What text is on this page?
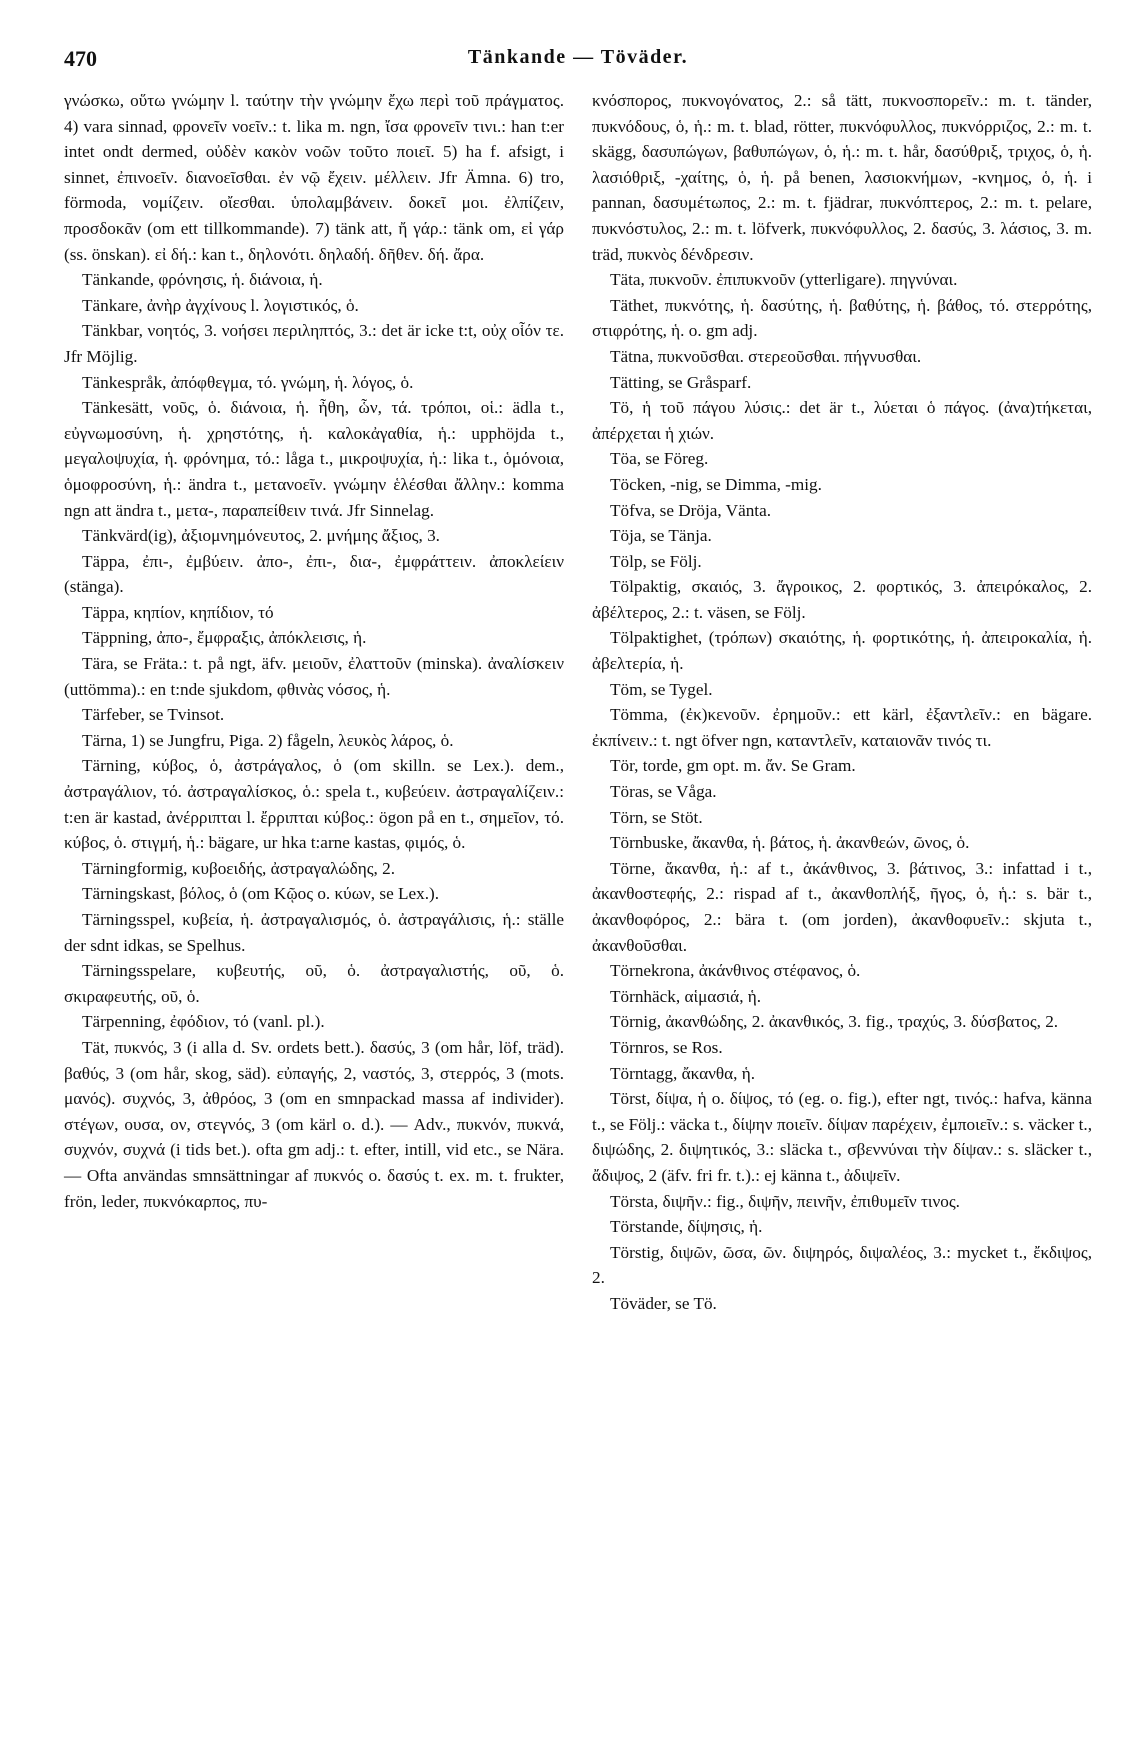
470	Tänkande — Töväder.

γνώσκω, οὕτω γνώμην l. ταύτην τὴν γνώμην ἔχω περὶ τοῦ πράγματος. 4) vara sinnad, φρονεῖν νοεῖν.: t. lika m. ngn, ἴσα φρονεῖν τινι.: han t:er intet ondt dermed, οὐδὲν κακὸν νοῶν τοῦτο ποιεῖ. 5) ha f. afsigt, i sinnet, ἐπινοεῖν. διανοεῖσθαι. ἐν νῷ ἔχειν. μέλλειν. Jfr Ämna. 6) tro, förmoda, νομίζειν. οἴεσθαι. ὑπολαμβάνειν. δοκεῖ μοι. ἐλπίζειν, προσδοκᾶν (om ett tillkommande). 7) tänk att, ἤ γάρ.: tänk om, εἰ γάρ (ss. önskan). εἰ δή.: kan t., δηλονότι. δηλαδή. δῆθεν. δή. ἄρα.

Tänkande, φρόνησις, ἡ. διάνοια, ἡ.

Tänkare, ἀνὴρ ἀγχίνους l. λογιστικός, ὁ.

Tänkbar, νοητός, 3. νοήσει περιληπτός, 3.: det är icke t:t, οὐχ οἷόν τε. Jfr Möjlig.

Tänkespråk, ἀπόφθεγμα, τό. γνώμη, ἡ. λόγος, ὁ.

Tänkesätt, νοῦς, ὁ. διάνοια, ἡ. ἦθη, ὧν, τά. τρόποι, οἱ.: ädla t., εὐγνωμοσύνη, ἡ. χρηστότης, ἡ. καλοκἀγαθία, ἡ.: upphöjda t., μεγαλοψυχία, ἡ. φρόνημα, τό.: låga t., μικροψυχία, ἡ.: lika t., ὁμόνοια, ὁμοφροσύνη, ἡ.: ändra t., μετανοεῖν. γνώμην ἑλέσθαι ἄλλην.: komma ngn att ändra t., μετα-, παραπείθειν τινά. Jfr Sinnelag.

Tänkvärd(ig), ἀξιομνημόνευτος, 2. μνήμης ἄξιος, 3.

Täppa, ἐπι-, ἐμβύειν. ἀπο-, ἐπι-, δια-, ἐμφράττειν. ἀποκλείειν (stänga).

Täppa, κηπίον, κηπίδιον, τό

Täppning, ἀπο-, ἔμφραξις, ἀπόκλεισις, ἡ.

Tära, se Fräta.: t. på ngt, äfv. μειοῦν, ἐλαττοῦν (minska). ἀναλίσκειν (uttömma).: en t:nde sjukdom, φθινὰς νόσος, ἡ.

Tärfeber, se Tvinsot.

Tärna, 1) se Jungfru, Piga. 2) fågeln, λευκὸς λάρος, ὁ.

Tärning, κύβος, ὁ, ἀστράγαλος, ὁ (om skilln. se Lex.). dem., ἀστραγάλιον, τό. ἀστραγαλίσκος, ὁ.: spela t., κυβεύειν. ἀστραγαλίζειν.: t:en är kastad, ἀνέρριπται l. ἔρριπται κύβος.: ögon på en t., σημεῖον, τό. κύβος, ὁ. στιγμή, ἡ.: bägare, ur hka t:arne kastas, φιμός, ὁ.

Tärningformig, κυβοειδής, ἀστραγαλώδης, 2.

Tärningskast, βόλος, ὁ (om Κῷος o. κύων, se Lex.).

Tärningsspel, κυβεία, ἡ. ἀστραγαλισμός, ὁ. ἀστραγάλισις, ἡ.: ställe der sdnt idkas, se Spelhus.

Tärningsspelare, κυβευτής, οῦ, ὁ. ἀστραγαλιστής, οῦ, ὁ. σκιραφευτής, οῦ, ὁ.

Tärpenning, ἐφόδιον, τό (vanl. pl.).

Tät, πυκνός, 3 (i alla d. Sv. ordets bett.). δασύς, 3 (om hår, löf, träd). βαθύς, 3 (om hår, skog, säd). εὐπαγής, 2, ναστός, 3, στερρός, 3 (mots. μανός). συχνός, 3, ἀθρόος, 3 (om en smnpackad massa af individer). στέγων, ουσα, ον, στεγνός, 3 (om kärl o. d.). — Adv., πυκνόν, πυκνά, συχνόν, συχνά (i tids bet.). ofta gm adj.: t. efter, intill, vid etc., se Nära. — Ofta användas smnsättningar af πυκνός o. δασύς t. ex. m. t. frukter, frön, leder, πυκνόκαρπος, πυ-

κνόσπορος, πυκνογόνατος, 2.: så tätt, πυκνοσπορεῖν.: m. t. tänder, πυκνόδους, ὁ, ἡ.: m. t. blad, rötter, πυκνόφυλλος, πυκνόρριζος, 2.: m. t. skägg, δασυπώγων, βαθυπώγων, ὁ, ἡ.: m. t. hår, δασύθριξ, τριχος, ὁ, ἡ. λασιόθριξ, -χαίτης, ὁ, ἡ. på benen, λασιοκνήμων, -κνημος, ὁ, ἡ. i pannan, δασυμέτωπος, 2.: m. t. fjädrar, πυκνόπτερος, 2.: m. t. pelare, πυκνόστυλος, 2.: m. t. löfverk, πυκνόφυλλος, 2. δασύς, 3. λάσιος, 3. m. träd, πυκνὸς δένδρεσιν.

Täta, πυκνοῦν. ἐπιπυκνοῦν (ytterligare). πηγνύναι.

Täthet, πυκνότης, ἡ. δασύτης, ἡ. βαθύτης, ἡ. βάθος, τό. στερρότης, στιφρότης, ἡ. o. gm adj.

Tätna, πυκνοῦσθαι. στερεοῦσθαι. πήγνυσθαι.

Tätting, se Gråsparf.

Tö, ἡ τοῦ πάγου λύσις.: det är t., λύεται ὁ πάγος. (ἀνα)τήκεται, ἀπέρχεται ἡ χιών.

Töa, se Föreg.

Töcken, -nig, se Dimma, -mig.

Töfva, se Dröja, Vänta.

Töja, se Tänja.

Tölp, se Följ.

Tölpaktig, σκαιός, 3. ἄγροικος, 2. φορτικός, 3. ἀπειρόκαλος, 2. ἀβέλτερος, 2.: t. väsen, se Följ.

Tölpaktighet, (τρόπων) σκαιότης, ἡ. φορτικότης, ἡ. ἀπειροκαλία, ἡ. ἀβελτερία, ἡ.

Töm, se Tygel.

Tömma, (ἐκ)κενοῦν. ἐρημοῦν.: ett kärl, ἐξαντλεῖν.: en bägare. ἐκπίνειν.: t. ngt öfver ngn, καταντλεῖν, καταιονᾶν τινός τι.

Tör, torde, gm opt. m. ἄν. Se Gram.

Töras, se Våga.

Törn, se Stöt.

Törnbuske, ἄκανθα, ἡ. βάτος, ἡ. ἀκανθεών, ῶνος, ὁ.

Törne, ἄκανθα, ἡ.: af t., ἀκάνθινος, 3. βάτινος, 3.: infattad i t., ἀκανθοστεφής, 2.: rispad af t., ἀκανθοπλήξ, ῆγος, ὁ, ἡ.: s. bär t., ἀκανθοφόρος, 2.: bära t. (om jorden), ἀκανθοφυεῖν.: skjuta t., ἀκανθοῦσθαι.

Törnekrona, ἀκάνθινος στέφανος, ὁ.

Törnhäck, αἱμασιά, ἡ.

Törnig, ἀκανθώδης, 2. ἀκανθικός, 3. fig., τραχύς, 3. δύσβατος, 2.

Törnros, se Ros.

Törntagg, ἄκανθα, ἡ.

Törst, δίψα, ἡ o. δίψος, τό (eg. o. fig.), efter ngt, τινός.: hafva, känna t., se Följ.: väcka t., δίψην ποιεῖν. δίψαν παρέχειν, ἐμποιεῖν.: s. väcker t., διψώδης, 2. διψητικός, 3.: släcka t., σβεννύναι τὴν δίψαν.: s. släcker t., ἄδιψος, 2 (äfv. fri fr. t.).: ej känna t., ἀδιψεῖν.

Törsta, διψῆν.: fig., διψῆν, πεινῆν, ἐπιθυμεῖν τινος.

Törstande, δίψησις, ἡ.

Törstig, διψῶν, ῶσα, ῶν. διψηρός, διψαλέος, 3.: mycket t., ἔκδιψος, 2.

Töväder, se Tö.
